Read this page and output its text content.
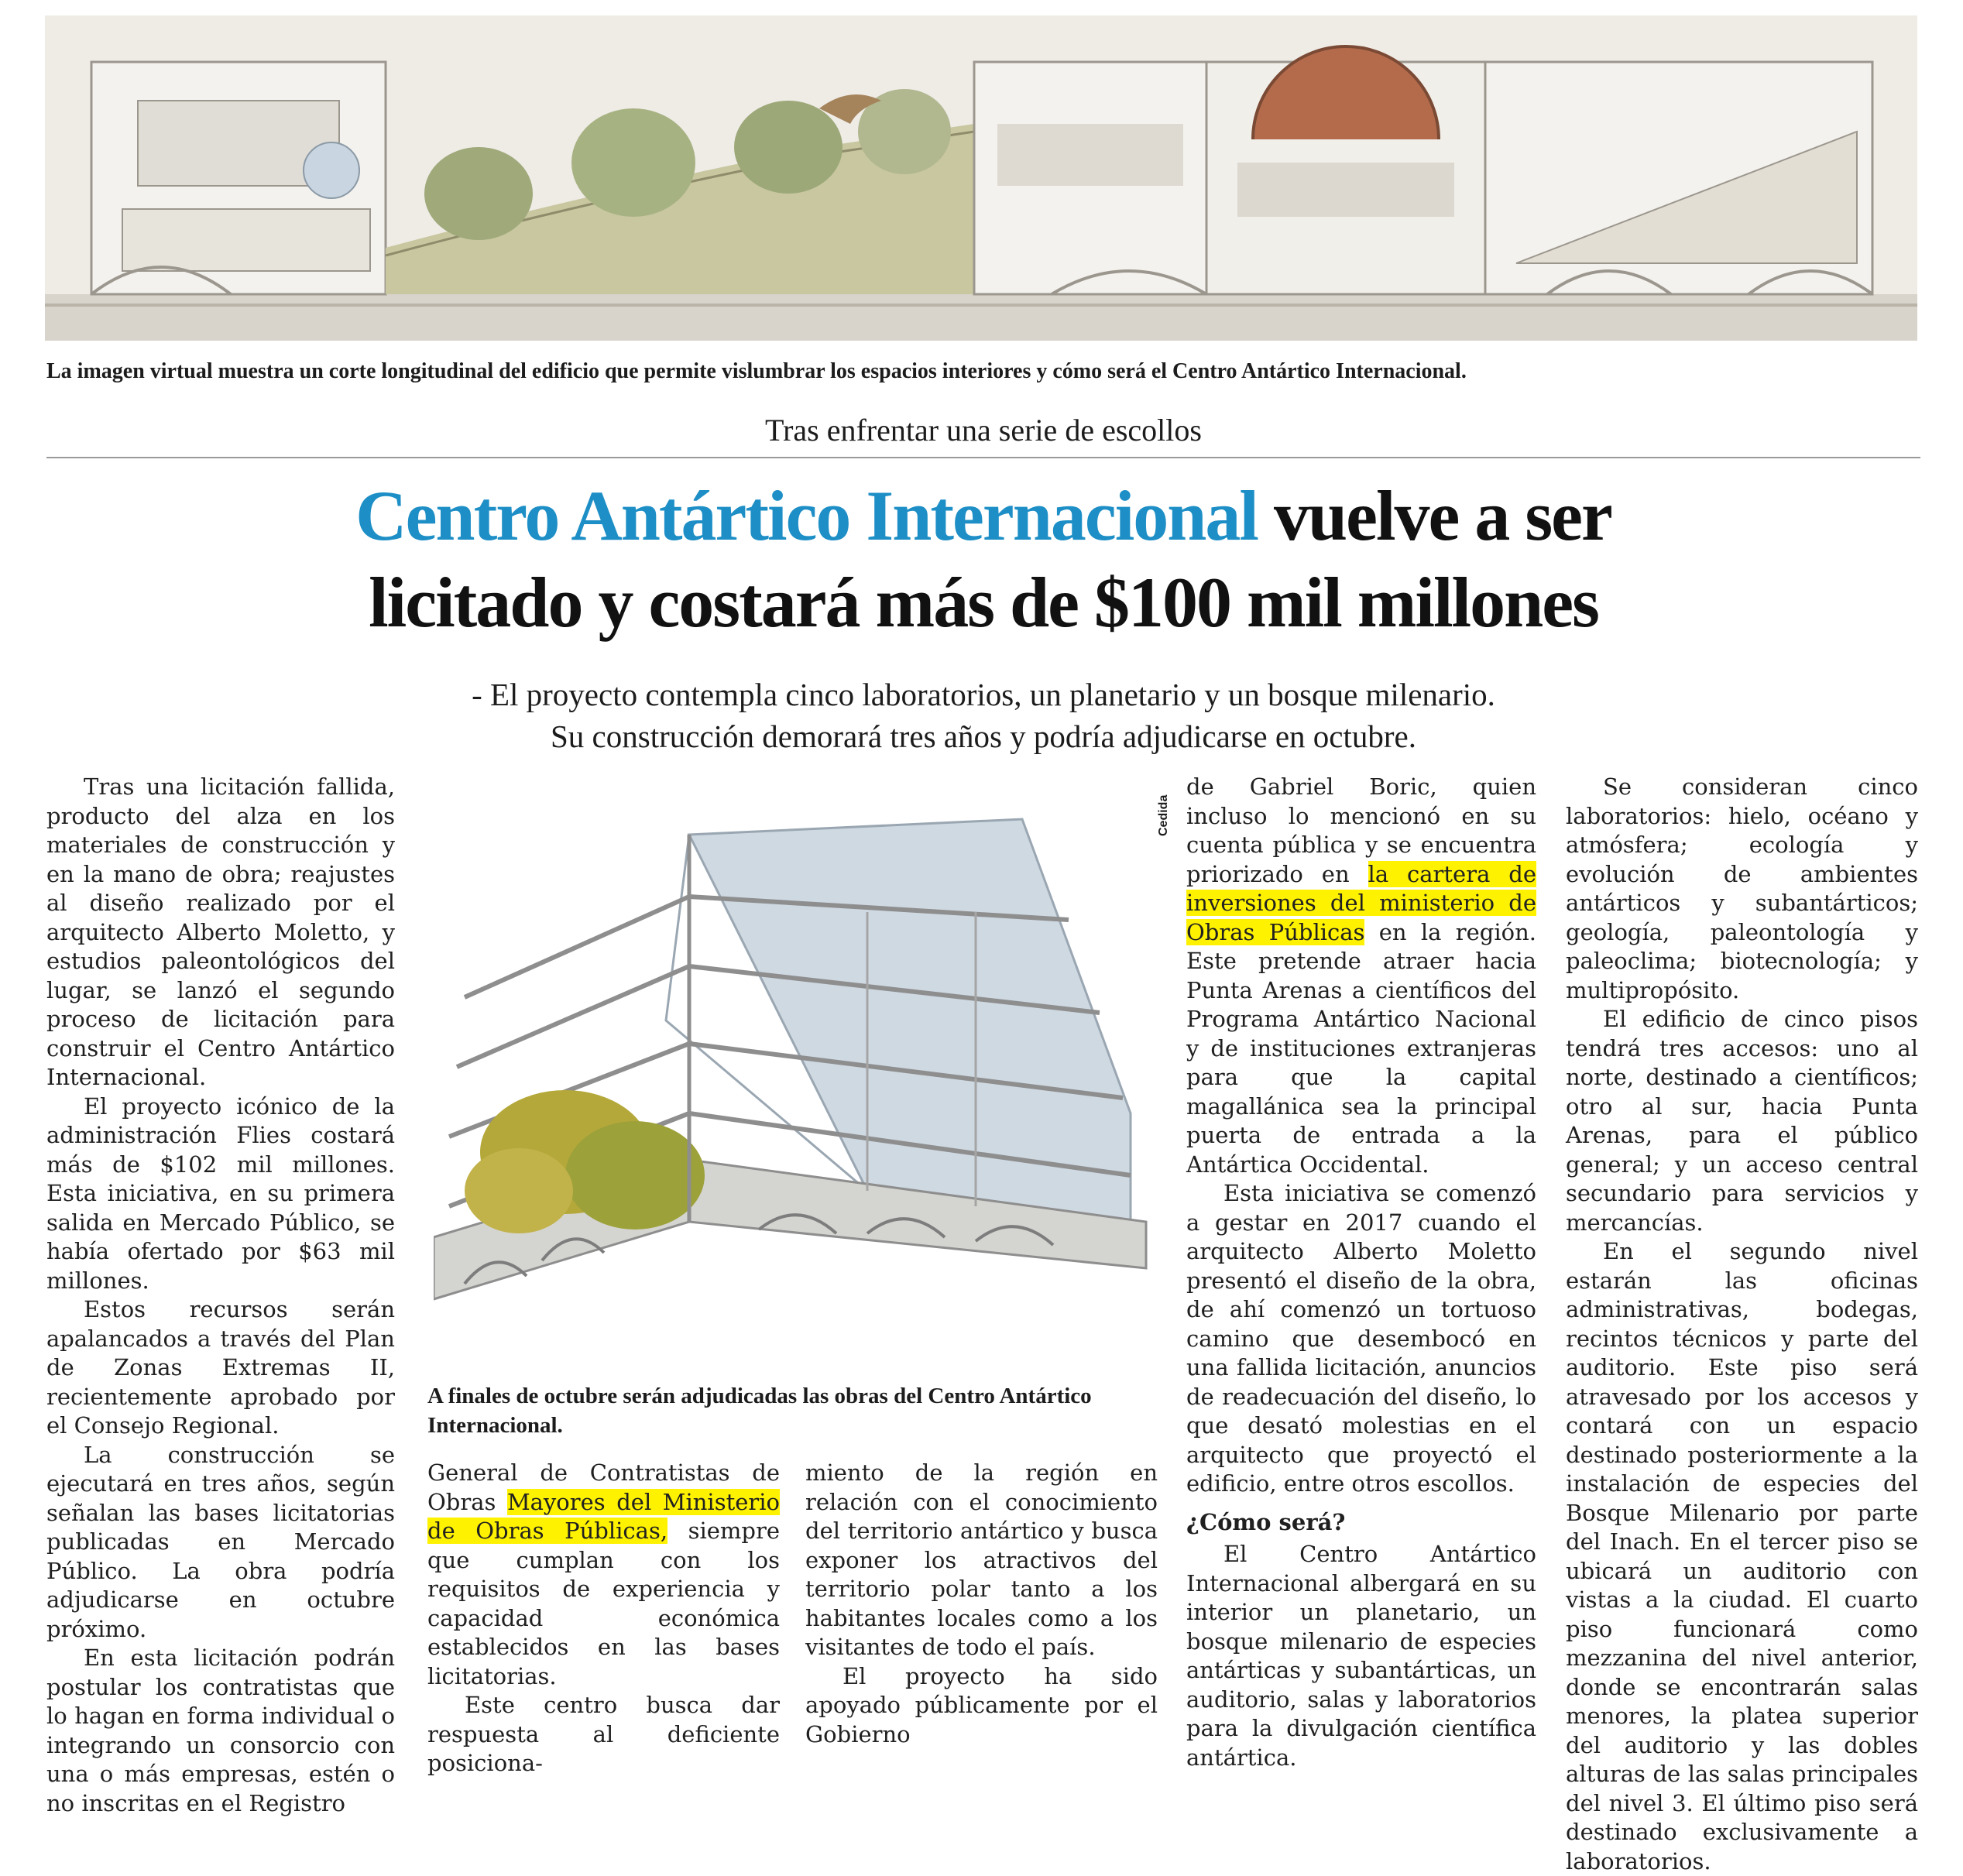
La imagen virtual muestra un corte longitudinal del edificio que permite vislumbrar los espacios interiores y cómo será el Centro Antártico Internacional.
Tras enfrentar una serie de escollos
Centro Antártico Internacional vuelve a ser
licitado y costará más de $100 mil millones
- El proyecto contempla cinco laboratorios, un planetario y un bosque milenario.
Su construcción demorará tres años y podría adjudicarse en octubre.

Tras una licitación fallida, producto del alza en los materiales de construcción y en la mano de obra; reajustes al diseño realizado por el arquitecto Alberto Moletto, y estudios paleontológicos del lugar, se lanzó el segundo proceso de licitación para construir el Centro Antártico Internacional.

El proyecto icónico de la administración Flies costará más de $102 mil millones. Esta iniciativa, en su primera salida en Mercado Público, se había ofertado por $63 mil millones.

Estos recursos serán apalancados a través del Plan de Zonas Extremas II, recientemente aprobado por el Consejo Regional.

La construcción se ejecutará en tres años, según señalan las bases licitatorias publicadas en Mercado Público. La obra podría adjudicarse en octubre próximo.

En esta licitación podrán postular los contratistas que lo hagan en forma individual o integrando un consorcio con una o más empresas, estén o no inscritas en el Registro

Cedida
A finales de octubre serán adjudicadas las obras del Centro Antártico Internacional.

General de Contratistas de Obras Mayores del Ministerio de Obras Públicas, siempre que cumplan con los requisitos de experiencia y capacidad económica establecidos en las bases licitatorias.

Este centro busca dar respuesta al deficiente posiciona-

miento de la región en relación con el conocimiento del territorio antártico y busca exponer los atractivos del territorio polar tanto a los habitantes locales como a los visitantes de todo el país.

El proyecto ha sido apoyado públicamente por el Gobierno

de Gabriel Boric, quien incluso lo mencionó en su cuenta pública y se encuentra priorizado en la cartera de inversiones del ministerio de Obras Públicas en la región. Este pretende atraer hacia Punta Arenas a científicos del Programa Antártico Nacional y de instituciones extranjeras para que la capital magallánica sea la principal puerta de entrada a la Antártica Occidental.

Esta iniciativa se comenzó a gestar en 2017 cuando el arquitecto Alberto Moletto presentó el diseño de la obra, de ahí comenzó un tortuoso camino que desembocó en una fallida licitación, anuncios de readecuación del diseño, lo que desató molestias en el arquitecto que proyectó el edificio, entre otros escollos.

¿Cómo será?

El Centro Antártico Internacional albergará en su interior un planetario, un bosque milenario de especies antárticas y subantárticas, un auditorio, salas y laboratorios para la divulgación científica antártica.

Se consideran cinco laboratorios: hielo, océano y atmósfera; ecología y evolución de ambientes antárticos y subantárticos; geología, paleontología y paleoclima; biotecnología; y multipropósito.

El edificio de cinco pisos tendrá tres accesos: uno al norte, destinado a científicos; otro al sur, hacia Punta Arenas, para el público general; y un acceso central secundario para servicios y mercancías.

En el segundo nivel estarán las oficinas administrativas, bodegas, recintos técnicos y parte del auditorio. Este piso será atravesado por los accesos y contará con un espacio destinado posteriormente a la instalación de especies del Bosque Milenario por parte del Inach. En el tercer piso se ubicará un auditorio con vistas a la ciudad. El cuarto piso funcionará como mezzanina del nivel anterior, donde se encontrarán salas menores, la platea superior del auditorio y las dobles alturas de las salas principales del nivel 3. El último piso será destinado exclusivamente a laboratorios.
